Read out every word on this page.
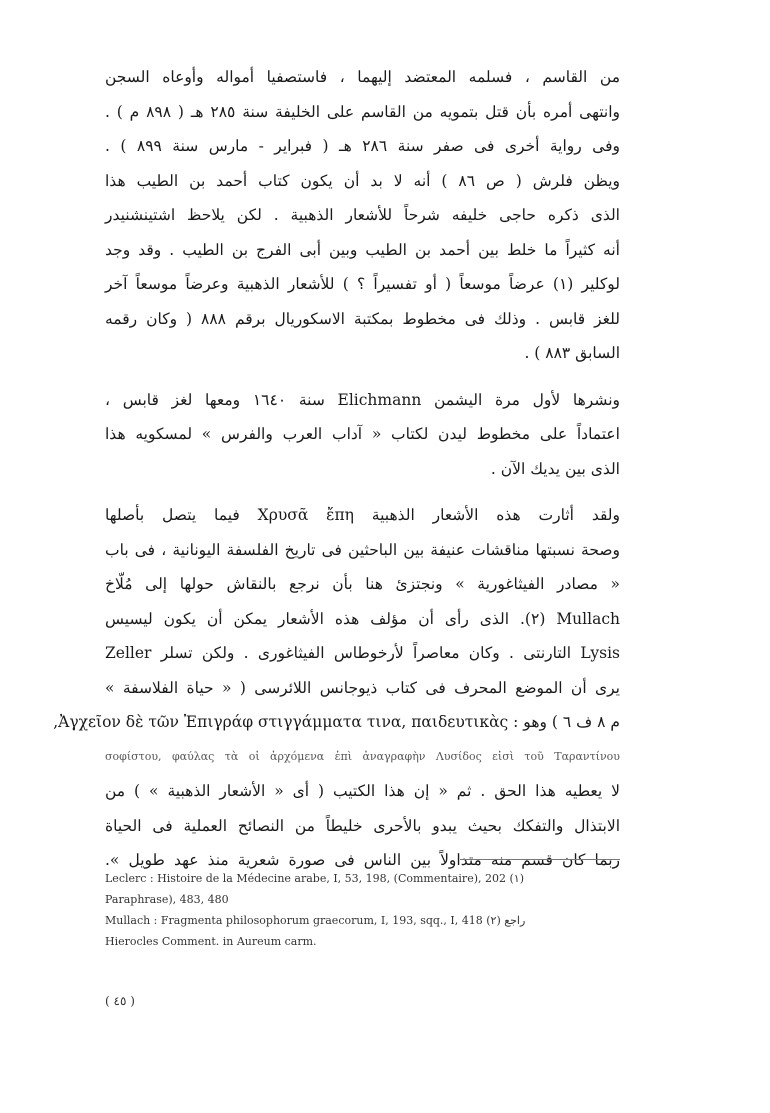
من القاسم ، فسلمه المعتضد إليهما ، فاستصفيا أمواله وأوعاه السجن
وانتهى أمره بأن قتل بتمويه من القاسم على الخليفة سنة ٢٨٥ هـ ( ٨٩٨ م ) .
وفى رواية أخرى فى صفر سنة ٢٨٦ هـ ( فبراير - مارس سنة ٨٩٩ ) .
ويظن فلرش ( ص ٨٦ ) أنه لا بد أن يكون كتاب أحمد بن الطيب هذا
الذى ذكره حاجى خليفه شرحاً للأشعار الذهبية . لكن يلاحظ اشتينشنيدر
أنه كثيراً ما خلط بين أحمد بن الطيب وبين أبى الفرج بن الطيب . وقد وجد
لوكلير (١) عرضاً موسعاً ( أو تفسيراً ؟ ) للأشعار الذهبية وعرضاً موسعاً آخر
للغز قابس . وذلك فى مخطوط بمكتبة الاسكوريال برقم ٨٨٨ ( وكان رقمه
السابق ٨٨٣ ) .
ونشرها لأول مرة اليشمن Elichmann سنة ١٦٤٠ ومعها لغز قابس ،
اعتماداً على مخطوط ليدن لكتاب « آداب العرب والفرس » لمسكويه هذا
الذى بين يديك الآن .
ولقد أثارت هذه الأشعار الذهبية Χρυσᾶ ἔπη فيما يتصل بأصلها
وصحة نسبتها مناقشات عنيفة بين الباحثين فى تاريخ الفلسفة اليونانية ، فى باب
« مصادر الفيثاغورية » ونجتزئ هنا بأن نرجع بالنقاش حولها إلى مُلّاخ
Mullach (٢). الذى رأى أن مؤلف هذه الأشعار يمكن أن يكون ليسيس
Lysis التارنتى . وكان معاصراً لأرخوطاس الفيثاغورى . ولكن تسلر Zeller
يرى أن الموضع المحرف فى كتاب ذيوجانس اللائرسى ( « حياة الفلاسفة »
م ٨ ف ٦ ) وهو : Ἀγχεῖον δὲ τῶν Ἐπιγράφ στιγγάμματα τινα, παιδευτικὰς,
σοφίστου, φαύλας τὰ οἱ ἀρχόμενα ἐπὶ ἀναγραφὴν Λυσίδος εἰσὶ τοῦ Ταραντίνου
لا يعطيه هذا الحق . ثم « إن هذا الكتيب ( أى « الأشعار الذهبية » ) من
الابتذال والتفكك بحيث يبدو بالأحرى خليطاً من النصائح العملية فى الحياة
ربما كان قسم منه متداولاً بين الناس فى صورة شعرية منذ عهد طويل ».
Leclerc : Histoire de la Médecine arabe, I, 53, 198, (Commentaire), 202 (١)
Paraphrase), 483, 480
Mullach : Fragmenta philosophorum graecorum, I, 193, sqq., I, 418 راجع (٢)
Hierocles Comment. in Aureum carm.
( ٤٥ )
